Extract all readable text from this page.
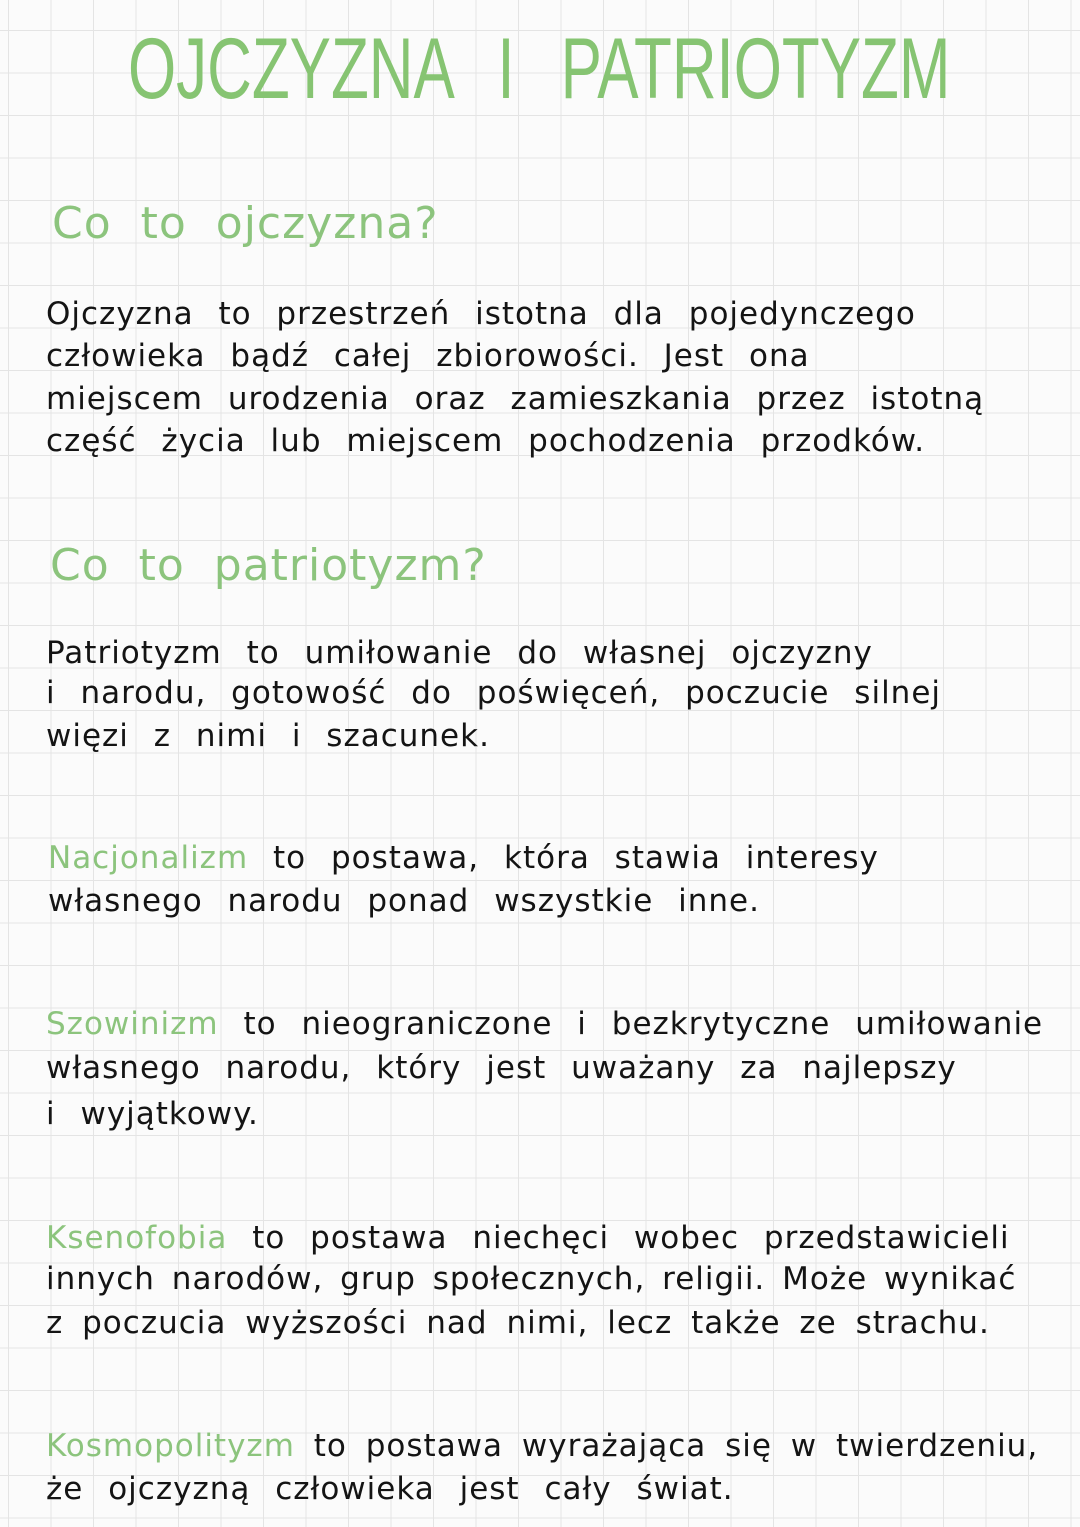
OJCZYZNA I PATRIOTYZM
Co to ojczyzna?
Ojczyzna to przestrzeń istotna dla pojedynczego
człowieka bądź całej zbiorowości. Jest ona
miejscem urodzenia oraz zamieszkania przez istotną
część życia lub miejscem pochodzenia przodków.
Co to patriotyzm?
Patriotyzm to umiłowanie do własnej ojczyzny
i narodu, gotowość do poświęceń, poczucie silnej
więzi z nimi i szacunek.
Nacjonalizm to postawa, która stawia interesy
własnego narodu ponad wszystkie inne.
Szowinizm to nieograniczone i bezkrytyczne umiłowanie
własnego narodu, który jest uważany za najlepszy
i wyjątkowy.
Ksenofobia to postawa niechęci wobec przedstawicieli
innych narodów, grup społecznych, religii. Może wynikać
z poczucia wyższości nad nimi, lecz także ze strachu.
Kosmopolityzm to postawa wyrażająca się w twierdzeniu,
że ojczyzną człowieka jest cały świat.
